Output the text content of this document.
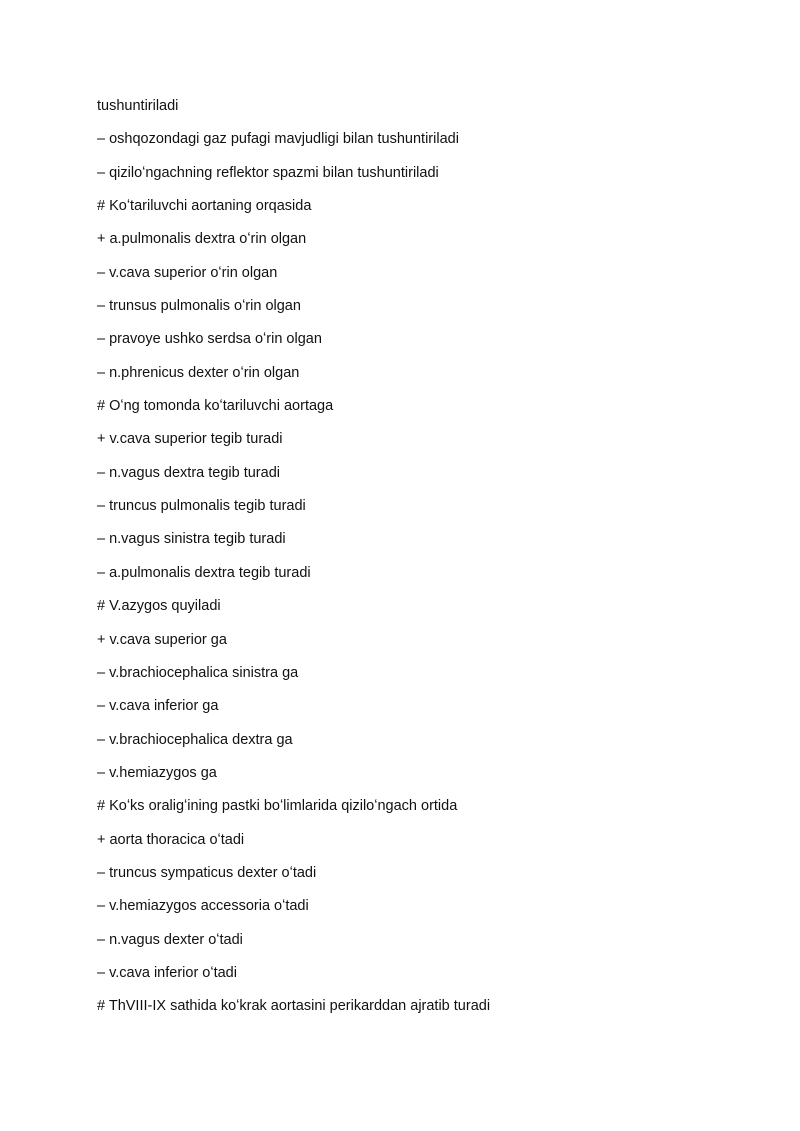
tushuntiriladi
– oshqozondagi gaz pufagi mavjudligi bilan tushuntiriladi
– qiziloʻngachning reflektor spazmi bilan tushuntiriladi
# Koʻtariluvchi aortaning orqasida
+ a.pulmonalis dextra oʻrin olgan
– v.cava superior oʻrin olgan
– trunsus pulmonalis oʻrin olgan
– pravoye ushko serdsa oʻrin olgan
– n.phrenicus dexter oʻrin olgan
# Oʻng tomonda koʻtariluvchi aortaga
+ v.cava superior tegib turadi
– n.vagus dextra tegib turadi
– truncus pulmonalis tegib turadi
– n.vagus sinistra tegib turadi
– a.pulmonalis dextra tegib turadi
# V.azygos quyiladi
+ v.cava superior ga
– v.brachiocephalica sinistra ga
– v.cava inferior ga
– v.brachiocephalica dextra ga
– v.hemiazygos ga
# Koʻks oraligʻining pastki boʻlimlarida qiziloʻngach ortida
+ aorta thoracica oʻtadi
– truncus sympaticus dexter oʻtadi
– v.hemiazygos accessoria oʻtadi
– n.vagus dexter oʻtadi
– v.cava inferior oʻtadi
# ThVIII-IX sathida koʻkrak aortasini perikarddan ajratib turadi
